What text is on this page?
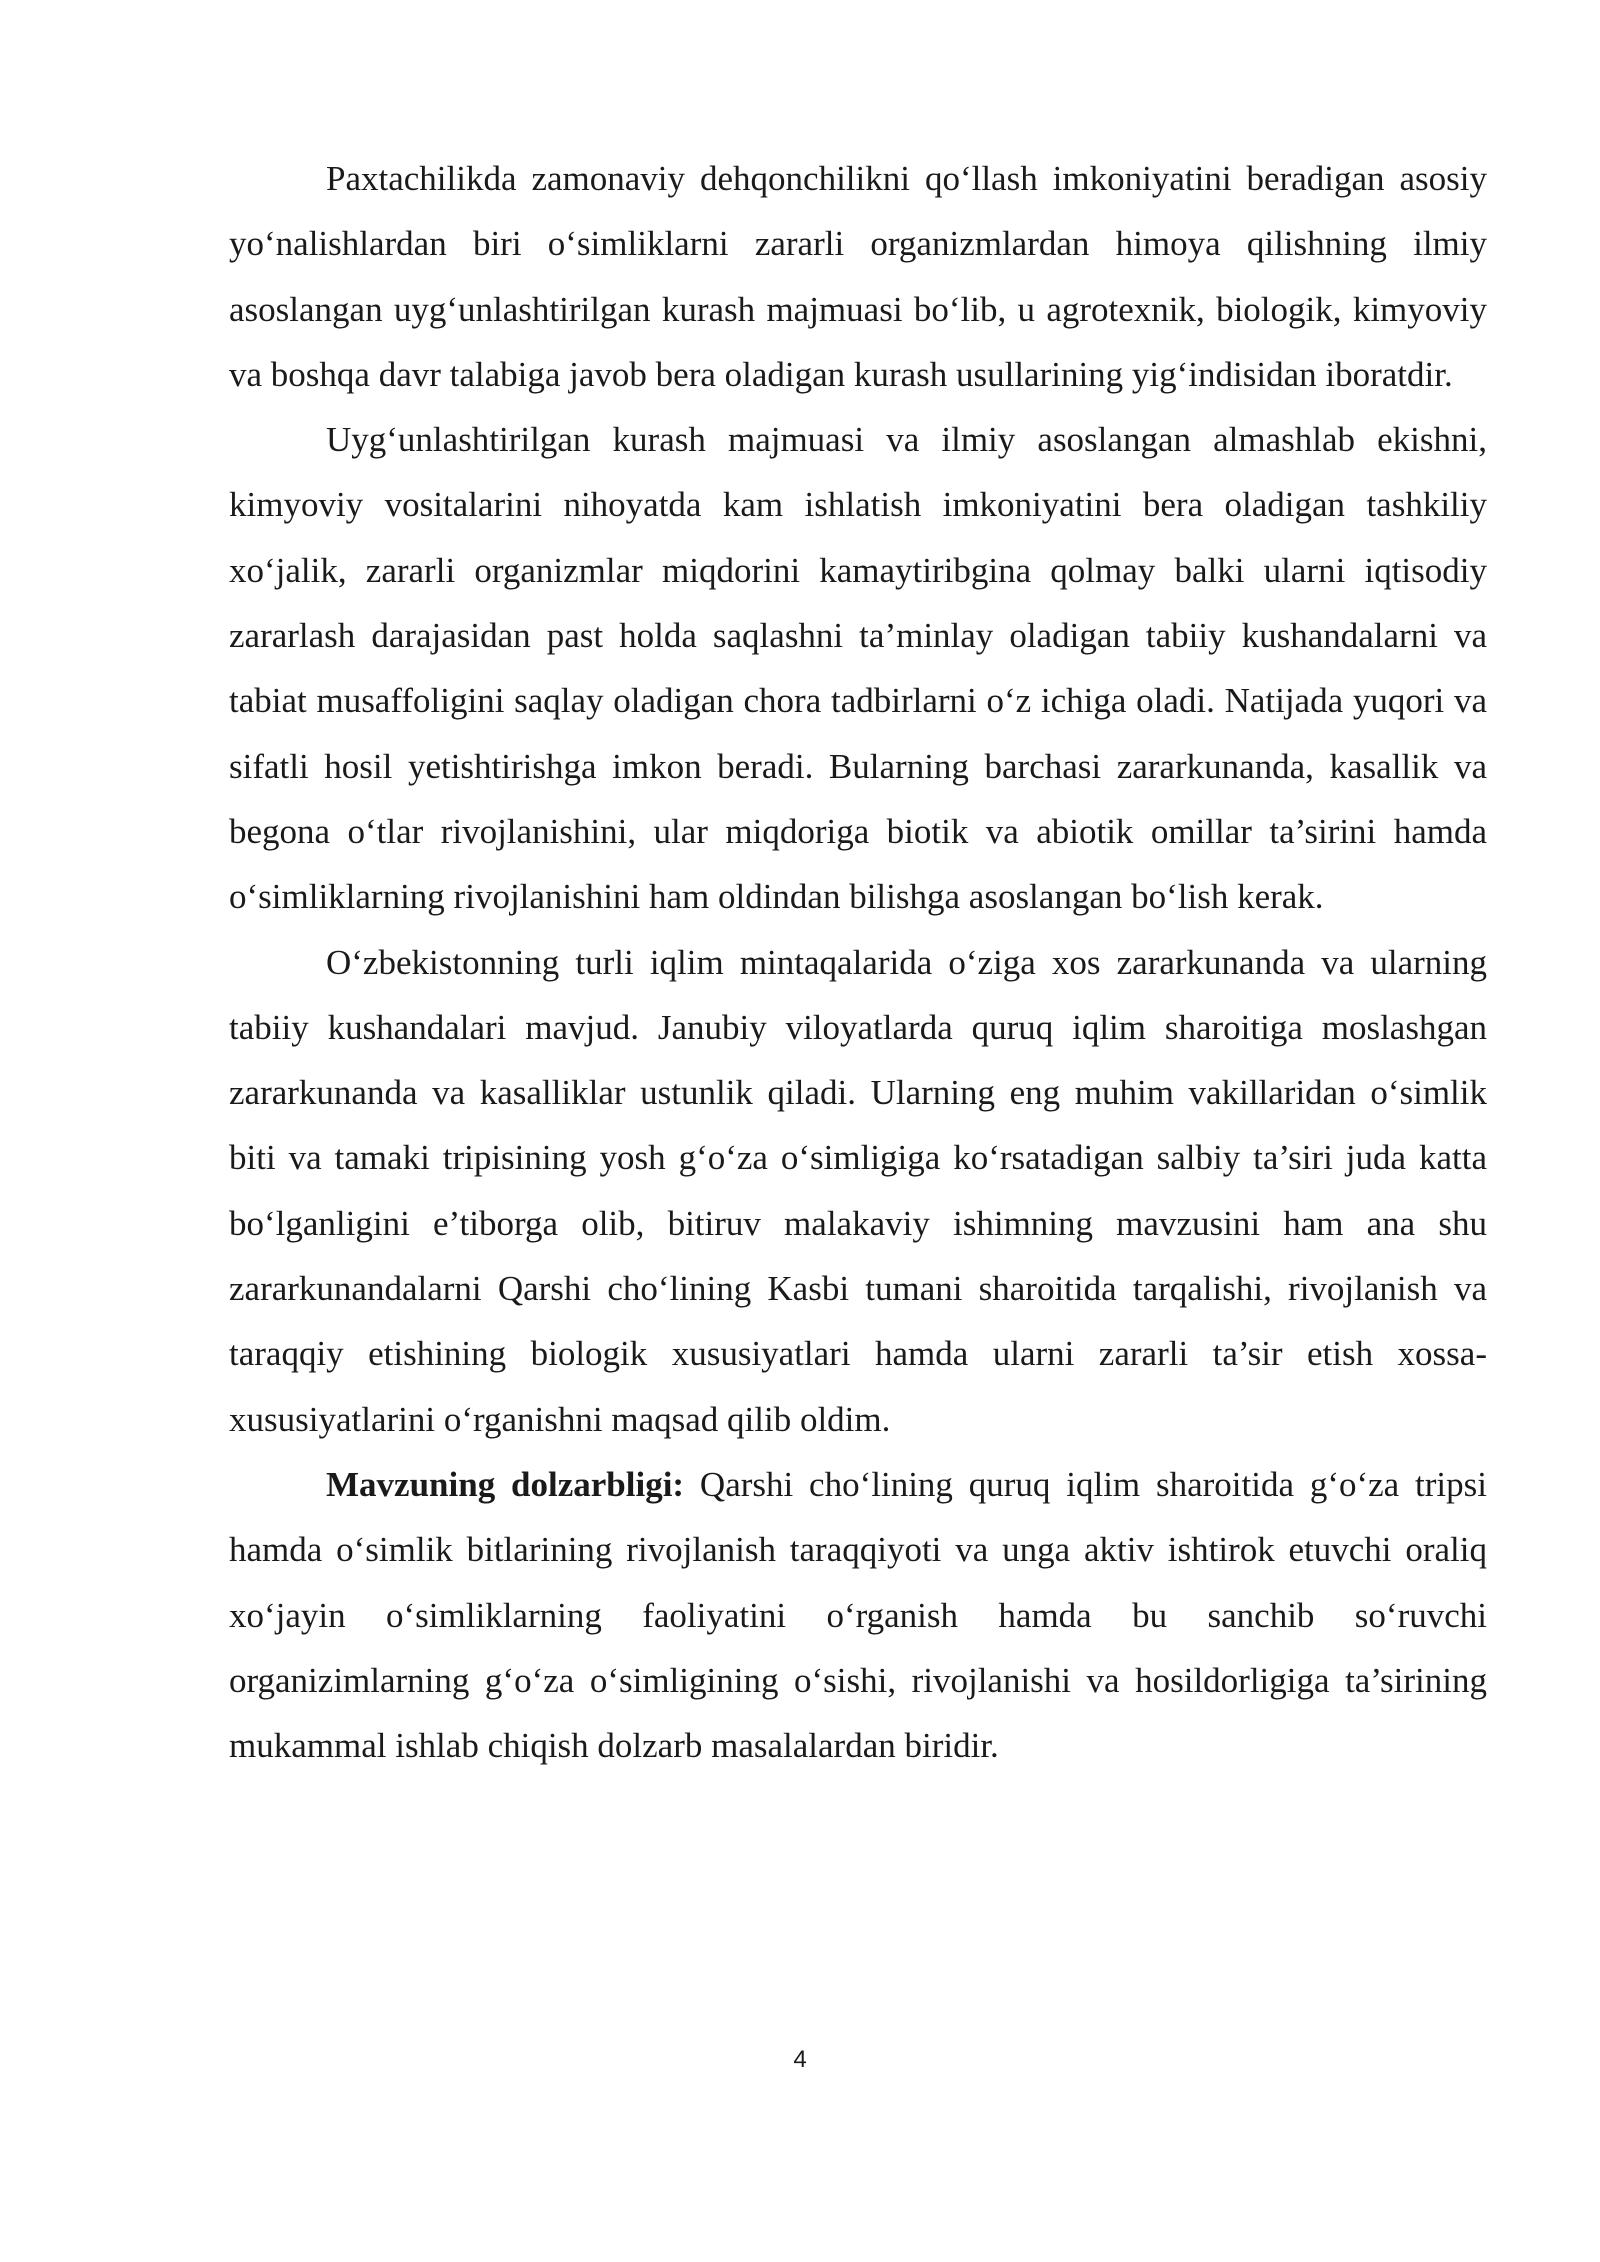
Paxtachilikda zamonaviy dehqonchilikni qo‘llash imkoniyatini beradigan asosiy yo‘nalishlardan biri o‘simliklarni zararli organizmlardan himoya qilishning ilmiy asoslangan uyg‘unlashtirilgan kurash majmuasi bo‘lib, u agrotexnik, biologik, kimyoviy va boshqa davr talabiga javob bera oladigan kurash usullarining yig‘indisidan iboratdir.

Uyg‘unlashtirilgan kurash majmuasi va ilmiy asoslangan almashlab ekishni, kimyoviy vositalarini nihoyatda kam ishlatish imkoniyatini bera oladigan tashkiliy xo‘jalik, zararli organizmlar miqdorini kamaytiribgina qolmay balki ularni iqtisodiy zararlash darajasidan past holda saqlashni ta’minlay oladigan tabiiy kushandalarni va tabiat musaffoligini saqlay oladigan chora tadbirlarni o‘z ichiga oladi. Natijada yuqori va sifatli hosil yetishtirishga imkon beradi. Bularning barchasi zararkunanda, kasallik va begona o‘tlar rivojlanishini, ular miqdoriga biotik va abiotik omillar ta’sirini hamda o‘simliklarning rivojlanishini ham oldindan bilishga asoslangan bo‘lish kerak.

O‘zbekistonning turli iqlim mintaqalarida o‘ziga xos zararkunanda va ularning tabiiy kushandalari mavjud. Janubiy viloyatlarda quruq iqlim sharoitiga moslashgan zararkunanda va kasalliklar ustunlik qiladi. Ularning eng muhim vakillaridan o‘simlik biti va tamaki tripisining yosh g‘o‘za o‘simligiga ko‘rsatadigan salbiy ta’siri juda katta bo‘lganligini e’tiborga olib, bitiruv malakaviy ishimning mavzusini ham ana shu zararkunandalarni Qarshi cho‘lining Kasbi tumani sharoitida tarqalishi, rivojlanish va taraqqiy etishining biologik xususiyatlari hamda ularni zararli ta’sir etish xossa-xususiyatlarini o‘rganishni maqsad qilib oldim.

Mavzuning dolzarbligi: Qarshi cho‘lining quruq iqlim sharoitida g‘o‘za tripsi hamda o‘simlik bitlarining rivojlanish taraqqiyoti va unga aktiv ishtirok etuvchi oraliq xo‘jayin o‘simliklarning faoliyatini o‘rganish hamda bu sanchib so‘ruvchi organizimlarning g‘o‘za o‘simligining o‘sishi, rivojlanishi va hosildorligiga ta’sirining mukammal ishlab chiqish dolzarb masalalardan biridir.

4
